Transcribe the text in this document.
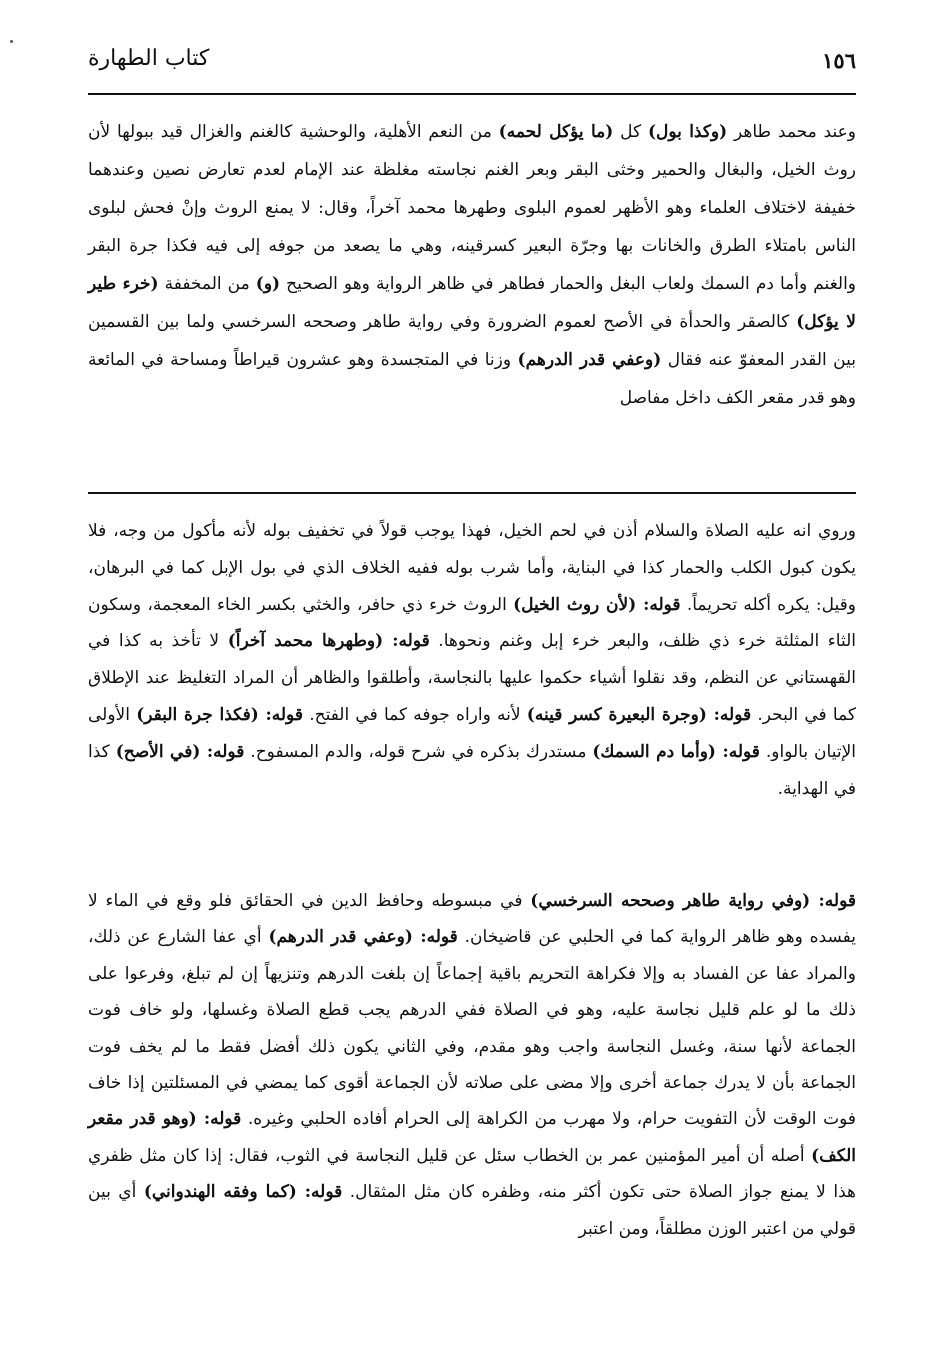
١٥٦
كتاب الطهارة

وعند محمد طاهر (وكذا بول) كل (ما يؤكل لحمه) من النعم الأهلية، والوحشية كالغنم والغزال قيد ببولها لأن روث الخيل، والبغال والحمير وخثى البقر وبعر الغنم نجاسته مغلظة عند الإمام لعدم تعارض نصين وعندهما خفيفة لاختلاف العلماء وهو الأظهر لعموم البلوى وطهرها محمد آخراً، وقال: لا يمنع الروث وإنْ فحش لبلوى الناس بامتلاء الطرق والخانات بها وجرّة البعير كسرقينه، وهي ما يصعد من جوفه إلى فيه فكذا جرة البقر والغنم وأما دم السمك ولعاب البغل والحمار فطاهر في ظاهر الرواية وهو الصحيح (و) من المخففة (خرء طير لا يؤكل) كالصقر والحدأة في الأصح لعموم الضرورة وفي رواية طاهر وصححه السرخسي ولما بين القسمين بين القدر المعفوّ عنه فقال (وعفي قدر الدرهم) وزنا في المتجسدة وهو عشرون قيراطاً ومساحة في المائعة وهو قدر مقعر الكف داخل مفاصل

وروي انه عليه الصلاة والسلام أذن في لحم الخيل، فهذا يوجب قولاً في تخفيف بوله لأنه مأكول من وجه، فلا يكون كبول الكلب والحمار كذا في البناية، وأما شرب بوله ففيه الخلاف الذي في بول الإبل كما في البرهان، وقيل: يكره أكله تحريماً. قوله: (لأن روث الخيل) الروث خرء ذي حافر، والخثي بكسر الخاء المعجمة، وسكون الثاء المثلثة خرء ذي ظلف، والبعر خرء إبل وغنم ونحوها. قوله: (وطهرها محمد آخراً) لا تأخذ به كذا في القهستاني عن النظم، وقد نقلوا أشياء حكموا عليها بالنجاسة، وأطلقوا والظاهر أن المراد التغليظ عند الإطلاق كما في البحر. قوله: (وجرة البعيرة كسر قينه) لأنه واراه جوفه كما في الفتح. قوله: (فكذا جرة البقر) الأولى الإتيان بالواو. قوله: (وأما دم السمك) مستدرك بذكره في شرح قوله، والدم المسفوح. قوله: (في الأصح) كذا في الهداية.

قوله: (وفي رواية طاهر وصححه السرخسي) في مبسوطه وحافظ الدين في الحقائق فلو وقع في الماء لا يفسده وهو ظاهر الرواية كما في الحلبي عن قاضيخان. قوله: (وعفي قدر الدرهم) أي عفا الشارع عن ذلك، والمراد عفا عن الفساد به وإلا فكراهة التحريم باقية إجماعاً إن بلغت الدرهم وتنزيهاً إن لم تبلغ، وفرعوا على ذلك ما لو علم قليل نجاسة عليه، وهو في الصلاة ففي الدرهم يجب قطع الصلاة وغسلها، ولو خاف فوت الجماعة لأنها سنة، وغسل النجاسة واجب وهو مقدم، وفي الثاني يكون ذلك أفضل فقط ما لم يخف فوت الجماعة بأن لا يدرك جماعة أخرى وإلا مضى على صلاته لأن الجماعة أقوى كما يمضي في المسئلتين إذا خاف فوت الوقت لأن التفويت حرام، ولا مهرب من الكراهة إلى الحرام أفاده الحلبي وغيره. قوله: (وهو قدر مقعر الكف) أصله أن أمير المؤمنين عمر بن الخطاب سئل عن قليل النجاسة في الثوب، فقال: إذا كان مثل ظفري هذا لا يمنع جواز الصلاة حتى تكون أكثر منه، وظفره كان مثل المثقال. قوله: (كما وفقه الهندواني) أي بين قولي من اعتبر الوزن مطلقاً، ومن اعتبر
